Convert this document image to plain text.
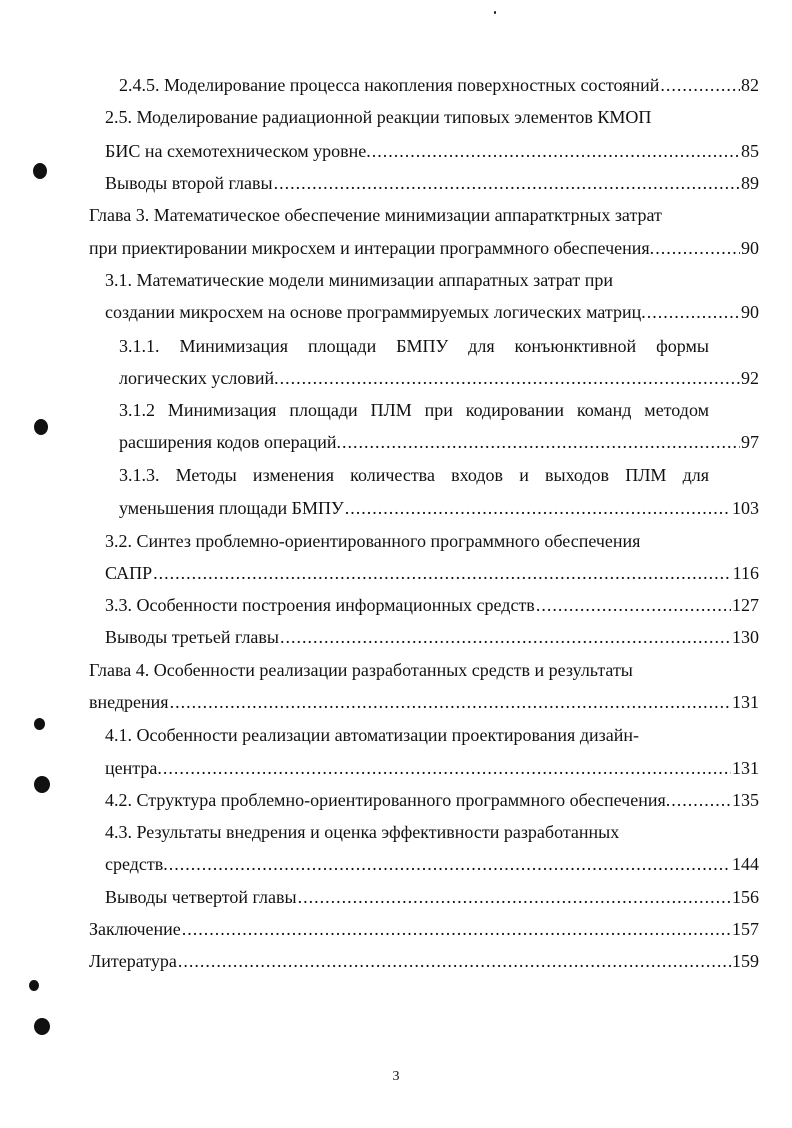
2.4.5. Моделирование процесса накопления поверхностных состояний .....	82
2.5. Моделирование радиационной реакции типовых элементов КМОП
БИС на схемотехническом уровне. .....	85
Выводы второй главы .....	89
Глава 3. Математическое обеспечение минимизации аппаратктрных затрат
при приектировании микросхем и интерации программного обеспечения. .....	90
3.1. Математические модели минимизации аппаратных затрат при
создании микросхем на основе программируемых логических матриц. .....	90
3.1.1. Минимизация площади БМПУ для конъюнктивной формы
логических условий. .....	92
3.1.2 Минимизация площади ПЛМ при кодировании команд методом
расширения кодов операций. .....	97
3.1.3. Методы изменения количества входов и выходов ПЛМ для
уменьшения площади БМПУ .....	103
3.2. Синтез проблемно-ориентированного программного обеспечения
САПР .....	116
3.3. Особенности построения информационных средств .....	127
Выводы третьей главы .....	130
Глава 4. Особенности реализации разработанных средств и результаты
внедрения .....	131
4.1. Особенности реализации автоматизации проектирования дизайн-
центра. .....	131
4.2. Структура проблемно-ориентированного программного обеспечения. .....	135
4.3. Результаты внедрения и оценка эффективности разработанных
средств. .....	144
Выводы четвертой главы .....	156
Заключение .....	157
Литература .....	159
3
